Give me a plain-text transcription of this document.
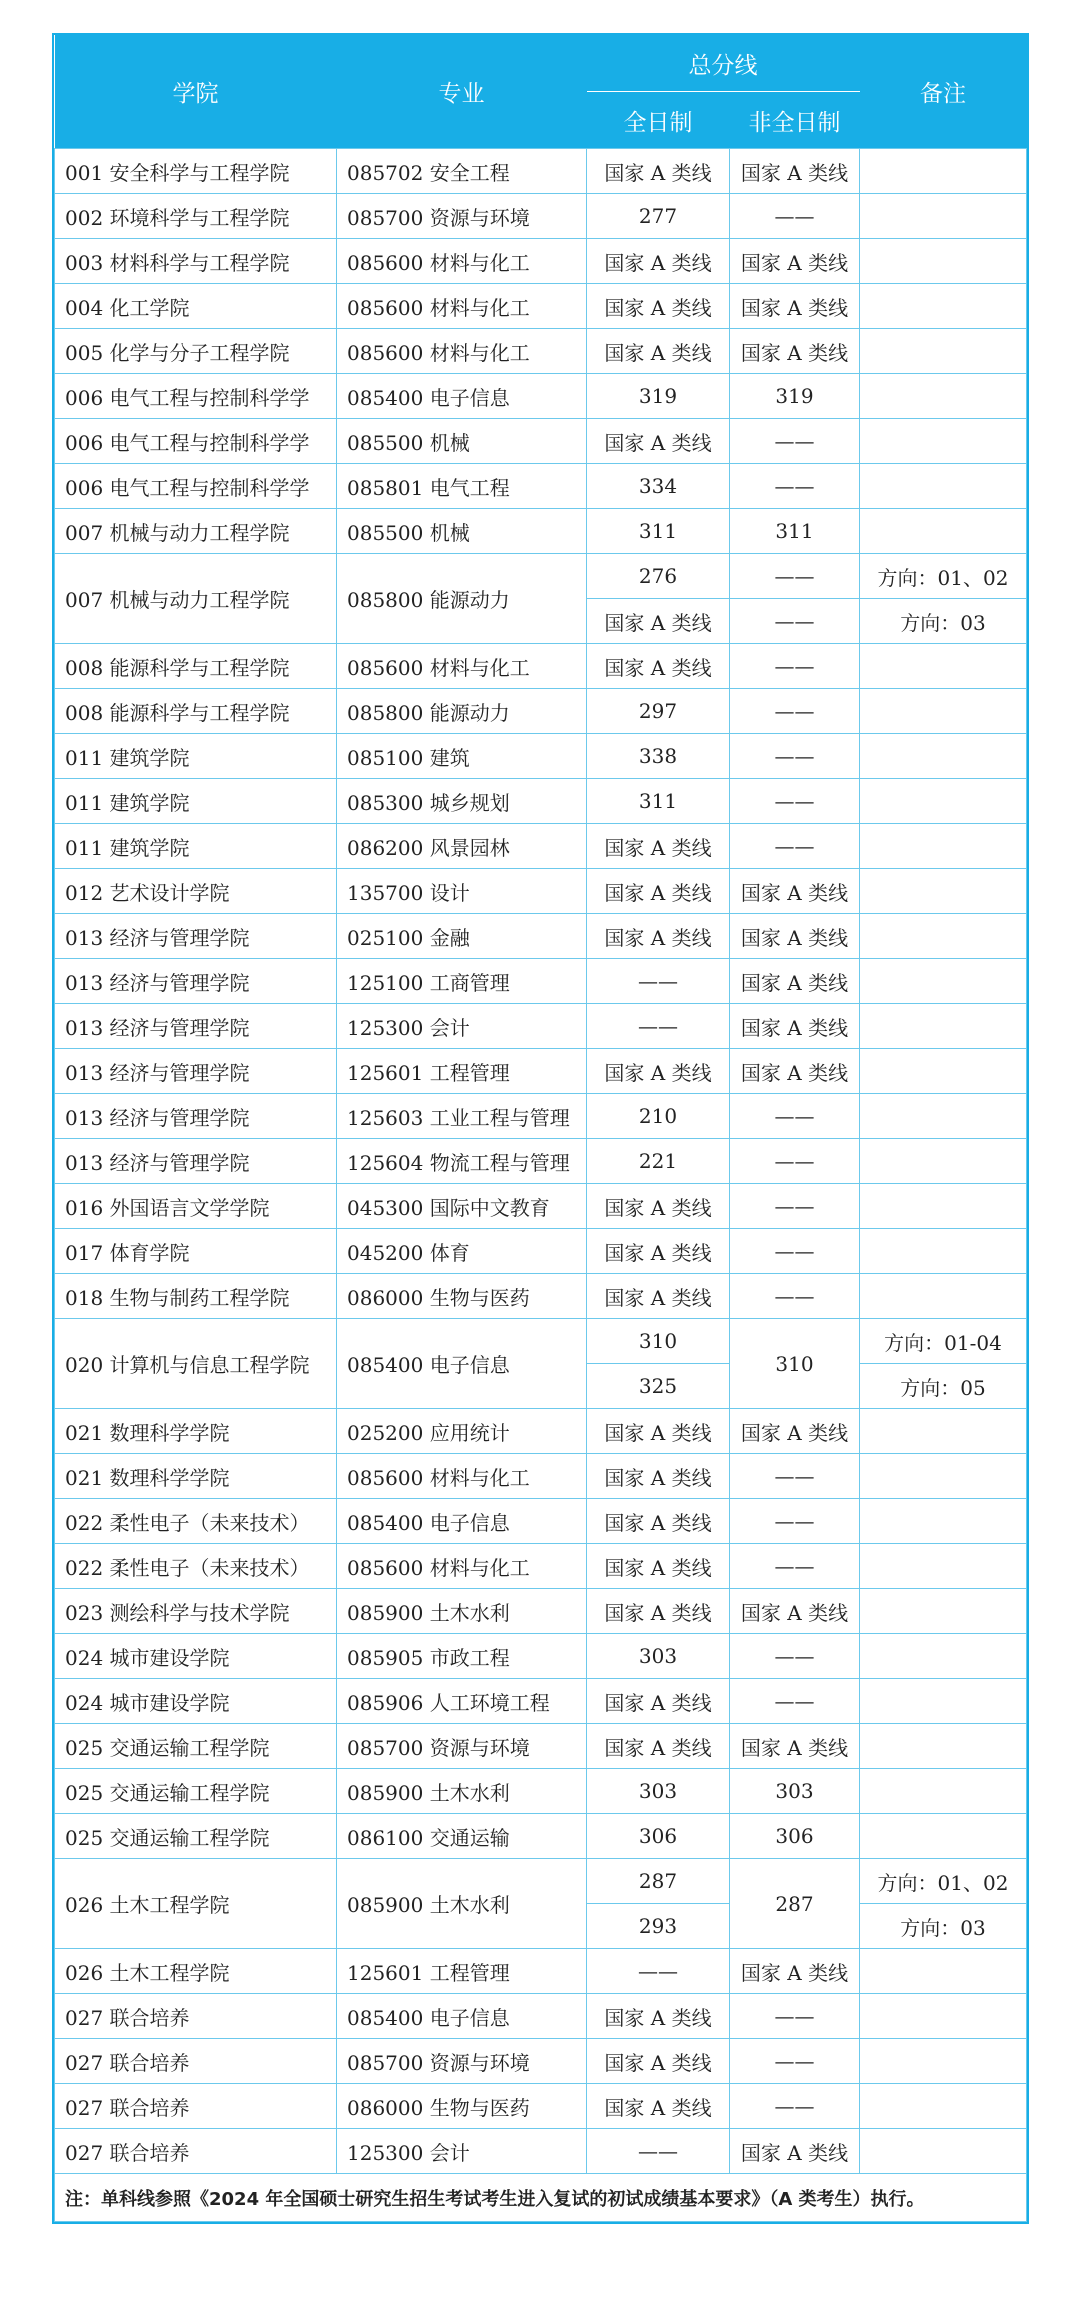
学院	专业	总分线		备注
		全日制	非全日制	
001 安全科学与工程学院	085702 安全工程	国家 A 类线	国家 A 类线	
002 环境科学与工程学院	085700 资源与环境	277	——	
003 材料科学与工程学院	085600 材料与化工	国家 A 类线	国家 A 类线	
004 化工学院	085600 材料与化工	国家 A 类线	国家 A 类线	
005 化学与分子工程学院	085600 材料与化工	国家 A 类线	国家 A 类线	
006 电气工程与控制科学学	085400 电子信息	319	319	
006 电气工程与控制科学学	085500 机械	国家 A 类线	——	
006 电气工程与控制科学学	085801 电气工程	334	——	
007 机械与动力工程学院	085500 机械	311	311	
007 机械与动力工程学院	085800 能源动力	276	——	方向：01、02
		国家 A 类线	——	方向：03
008 能源科学与工程学院	085600 材料与化工	国家 A 类线	——	
008 能源科学与工程学院	085800 能源动力	297	——	
011 建筑学院	085100 建筑	338	——	
011 建筑学院	085300 城乡规划	311	——	
011 建筑学院	086200 风景园林	国家 A 类线	——	
012 艺术设计学院	135700 设计	国家 A 类线	国家 A 类线	
013 经济与管理学院	025100 金融	国家 A 类线	国家 A 类线	
013 经济与管理学院	125100 工商管理	——	国家 A 类线	
013 经济与管理学院	125300 会计	——	国家 A 类线	
013 经济与管理学院	125601 工程管理	国家 A 类线	国家 A 类线	
013 经济与管理学院	125603 工业工程与管理	210	——	
013 经济与管理学院	125604 物流工程与管理	221	——	
016 外国语言文学学院	045300 国际中文教育	国家 A 类线	——	
017 体育学院	045200 体育	国家 A 类线	——	
018 生物与制药工程学院	086000 生物与医药	国家 A 类线	——	
020 计算机与信息工程学院	085400 电子信息	310	310	方向：01-04
		325		方向：05
021 数理科学学院	025200 应用统计	国家 A 类线	国家 A 类线	
021 数理科学学院	085600 材料与化工	国家 A 类线	——	
022 柔性电子（未来技术）	085400 电子信息	国家 A 类线	——	
022 柔性电子（未来技术）	085600 材料与化工	国家 A 类线	——	
023 测绘科学与技术学院	085900 土木水利	国家 A 类线	国家 A 类线	
024 城市建设学院	085905 市政工程	303	——	
024 城市建设学院	085906 人工环境工程	国家 A 类线	——	
025 交通运输工程学院	085700 资源与环境	国家 A 类线	国家 A 类线	
025 交通运输工程学院	085900 土木水利	303	303	
025 交通运输工程学院	086100 交通运输	306	306	
026 土木工程学院	085900 土木水利	287	287	方向：01、02
		293		方向：03
026 土木工程学院	125601 工程管理	——	国家 A 类线	
027 联合培养	085400 电子信息	国家 A 类线	——	
027 联合培养	085700 资源与环境	国家 A 类线	——	
027 联合培养	086000 生物与医药	国家 A 类线	——	
027 联合培养	125300 会计	——	国家 A 类线	
注：单科线参照《2024 年全国硕士研究生招生考试考生进入复试的初试成绩基本要求》（A 类考生）执行。				
